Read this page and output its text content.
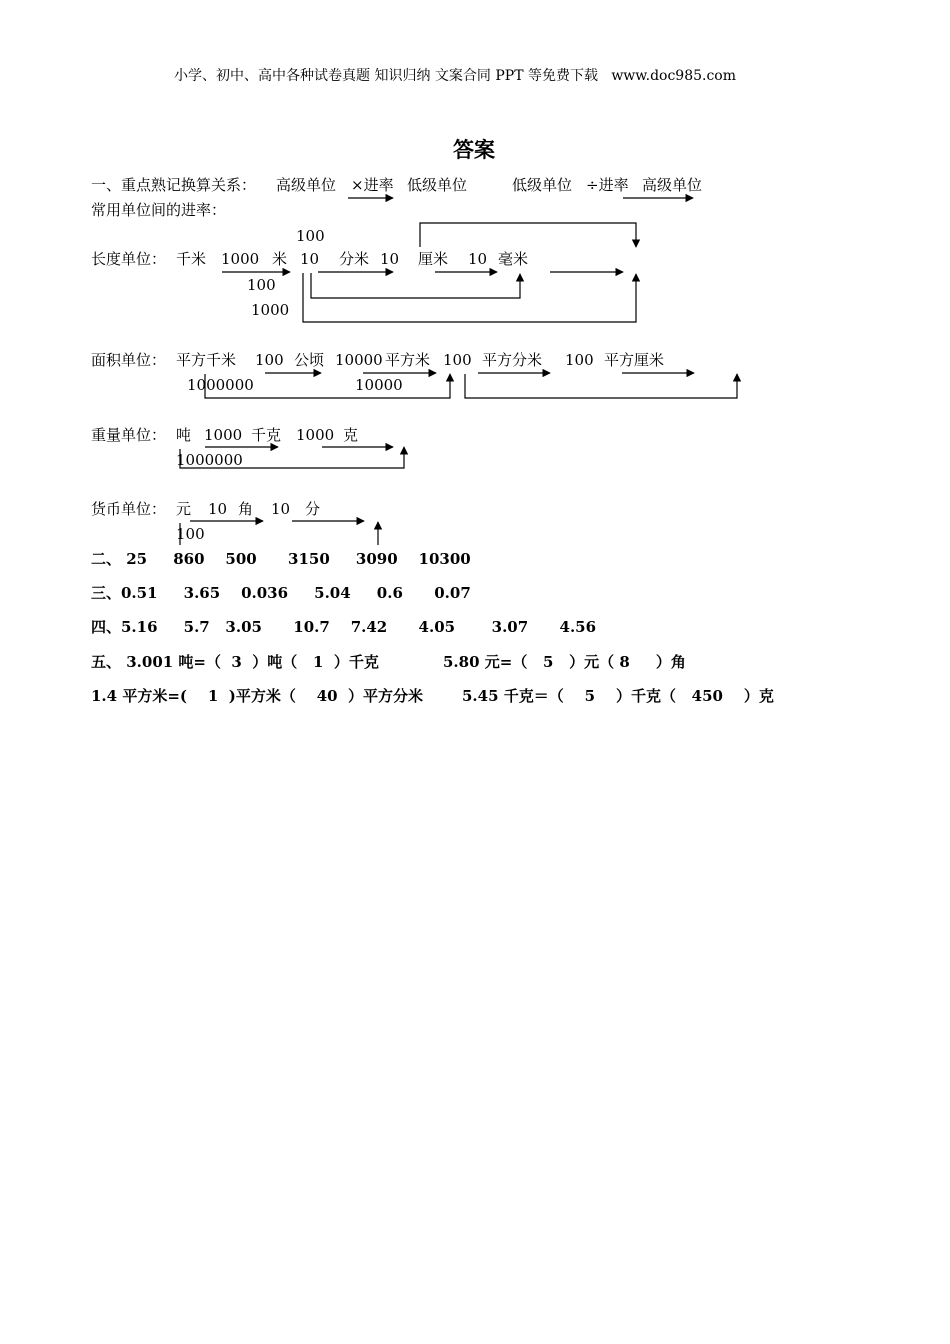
小学、初中、高中各种试卷真题 知识归纳 文案合同 PPT 等免费下载   www.doc985.com
答案
一、重点熟记换算关系： 高级单位 ×进率 低级单位	低级单位 ÷进率 高级单位
常用单位间的进率：
100
长度单位： 千米 1000 米 10 分米 10 厘米 10 毫米
100
1000
面积单位： 平方千米 100 公顷 10000 平方米 100 平方分米 100 平方厘米
1000000	10000
重量单位： 吨 1000 千克 1000 克
1000000
货币单位： 元 10 角 10 分
100
二、 25     860    500      3150     3090    10300
三、0.51     3.65    0.036     5.04     0.6      0.07
四、5.16     5.7   3.05      10.7    7.42      4.05       3.07      4.56
五、 3.001 吨=（  3  ）吨（   1  ）千克	5.80 元=（   5   ）元（ 8     ）角
1.4 平方米=(    1  )平方米（    40  ）平方分米	5.45 千克＝（    5    ）千克（   450    ）克
